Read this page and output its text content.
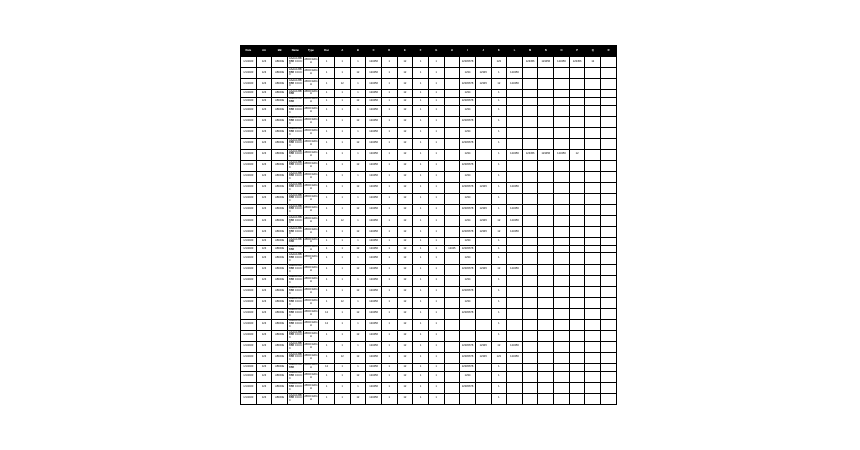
Date	AA	BB	Name	Type	Doc	A	B	C	D	E	F	G	H	I	J	K	L	M	N	O	P	Q	R
1/1/2023	123	ABCDE	AAAAA BBBBB CCCCC	ABCD EFGH	1	1	1	123456	1	12	1	1		12345678		123		123456	123456	123456	123456	12	
1/1/2023	123	ABCDE	AAAAA BBBBB CCCCC	ABCD EFGH	1	1	12	123456	1	12	1	1		1234	12345	1	123456						
1/1/2023	123	ABCDE	AAAAA BBBBB CCCCC	ABCD EFGH	1	12	1	123456	1	12	1	1		12345678	12345	12	123456						
1/1/2023	123	ABCDE	AAAAA BBBBB	ABCD EFGH	1	1	1	123456	1	12	1	1		1234		1							
1/1/2023	123	ABCDE	AAAAA BBBBB	ABCD EFGH	1	1	12	123456	1	12	1	1		12345678		1							
1/1/2023	123	ABCDE	AAAAA BBBBB CCCCC	ABCD EFGH	1	1	1	123456	1	12	1	1		1234		1							
1/1/2023	123	ABCDE	AAAAA BBBBB CCCCC	ABCD EFGH	1	1	12	123456	1	12	1	1		12345678		1							
1/1/2023	123	ABCDE	AAAAA BBBBB CCCCC	ABCD EFGH	1	1	1	123456	1	12	1	1		1234		1							
1/1/2023	123	ABCDE	AAAAA BBBBB CCCCC	ABCD EFGH	1	1	12	123456	1	12	1	1		12345678		1							
1/1/2023	123	ABCDE	AAAAA BBBBB CCCCC	ABCD EFGH	1	1	1	123456	1	12	1	1		1234		1	123456	123456	123456	123456	12		
1/1/2023	123	ABCDE	AAAAA BBBBB CCCCC	ABCD EFGH	1	1	12	123456	1	12	1	1		12345678		1							
1/1/2023	123	ABCDE	AAAAA BBBBB CCCCC	ABCD EFGH	1	1	1	123456	1	12	1	1		1234		1							
1/1/2023	123	ABCDE	AAAAA BBBBB CCCCC	ABCD EFGH	1	1	12	123456	1	12	1	1		12345678	12345	1	123456						
1/1/2023	123	ABCDE	AAAAA BBBBB CCCCC	ABCD EFGH	1	1	1	123456	1	12	1	1		1234		1							
1/1/2023	123	ABCDE	AAAAA BBBBB CCCCC	ABCD EFGH	1	1	12	123456	1	12	1	1		12345678	12345	1	123456						
1/1/2023	123	ABCDE	AAAAA BBBBB CCCCC	ABCD EFGH	1	12	1	123456	1	12	1	1		1234	12345	12	123456						
1/1/2023	123	ABCDE	AAAAA BBBBB CCCCC	ABCD EFGH	1	1	12	123456	1	12	1	1		12345678	12345	12	123456						
1/1/2023	123	ABCDE	AAAAA BBBBB	ABCD EFGH	1	1	1	123456	1	12	1	1		1234		1							
1/1/2023	123	ABCDE	AAAAA BBBBB	ABCD EFGH	1	1	12	123456	1	12	1	1	12345	12345678		1							
1/1/2023	123	ABCDE	AAAAA BBBBB CCCCC	ABCD EFGH	1	1	1	123456	1	12	1	1		1234		1							
1/1/2023	123	ABCDE	AAAAA BBBBB CCCCC	ABCD EFGH	1	1	12	123456	1	12	1	1		12345678	12345	12	123456						
1/1/2023	123	ABCDE	AAAAA BBBBB CCCCC	ABCD EFGH	1	1	1	123456	1	12	1	1		1234		1							
1/1/2023	123	ABCDE	AAAAA BBBBB CCCCC	ABCD EFGH	1	1	12	123456	1	12	1	1		12345678		1							
1/1/2023	123	ABCDE	AAAAA BBBBB CCCCC	ABCD EFGH	1	12	1	123456	1	12	1	1		1234		1							
1/1/2023	123	ABCDE	AAAAA BBBBB CCCCC	ABCD EFGH	12	1	12	123456	1	12	1	1		12345678		1							
1/1/2023	123	ABCDE	AAAAA BBBBB CCCCC	ABCD EFGH	12	1	1	123456	1	12	1	1				1							
1/1/2023	123	ABCDE	AAAAA BBBBB CCCCC	ABCD EFGH	1	1	12	123456	1	12	1	1				1							
1/1/2023	123	ABCDE	AAAAA BBBBB CCCCC	ABCD EFGH	1	1	1	123456	1	12	1	1		12345678	12345	12	123456						
1/1/2023	123	ABCDE	AAAAA BBBBB CCCCC	ABCD EFGH	1	12	12	123456	1	12	1	1		12345678	12345	123	123456						
1/1/2023	123	ABCDE	AAAAA BBBBB	ABCD EFGH	12	1	1	123456	1	12	1	1		12345678		1							
1/1/2023	123	ABCDE	AAAAA BBBBB CCCCC	ABCD EFGH	1	1	12	123456	1	12	1	1		1234		1							
1/1/2023	123	ABCDE	AAAAA BBBBB CCCCC	ABCD EFGH	1	1	1	123456	1	12	1	1		12345678		1							
1/1/2023	123	ABCDE	AAAAA BBBBB CCCCC	ABCD EFGH	1	1	12	123456	1	12	1	1				1							
